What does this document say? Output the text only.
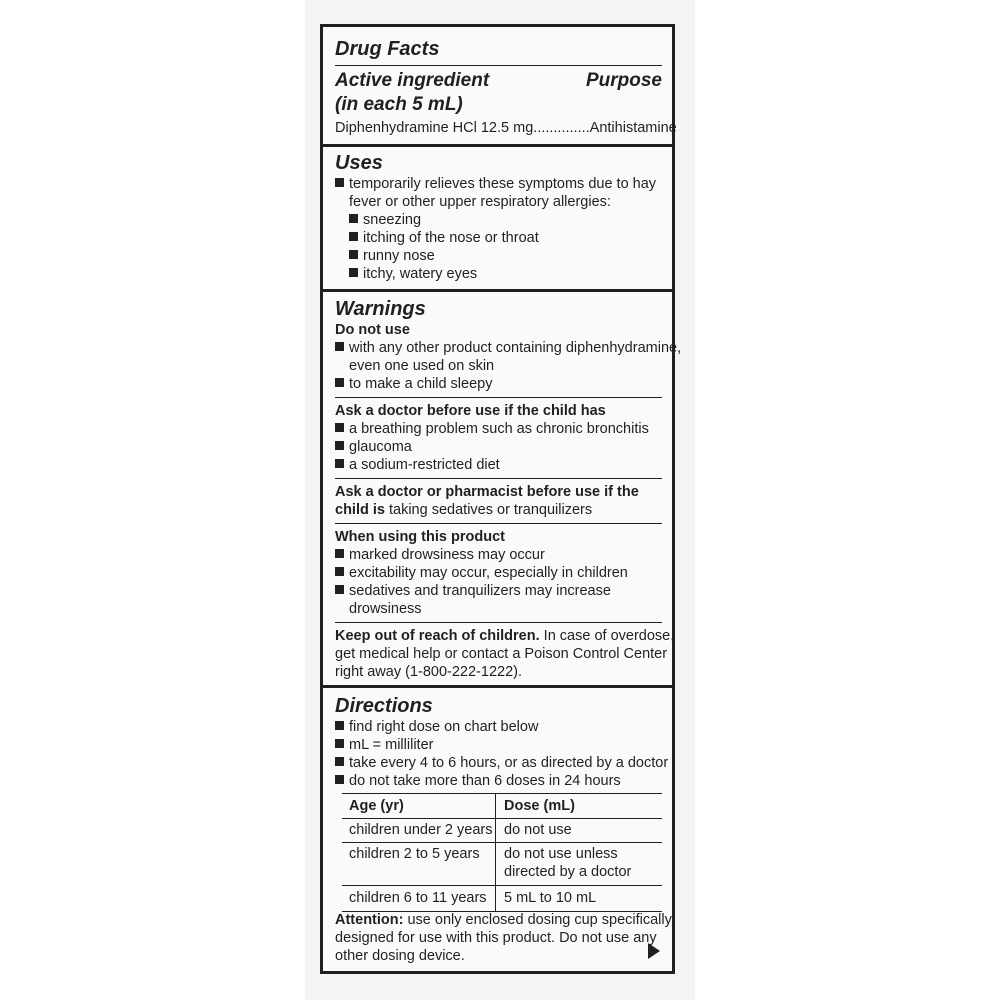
Drug Facts
Active ingredient	Purpose
(in each 5 mL)
Diphenhydramine HCl 12.5 mg..............Antihistamine
Uses
temporarily relieves these symptoms due to hay
fever or other upper respiratory allergies:
sneezing
itching of the nose or throat
runny nose
itchy, watery eyes
Warnings
Do not use
with any other product containing diphenhydramine,
even one used on skin
to make a child sleepy
Ask a doctor before use if the child has
a breathing problem such as chronic bronchitis
glaucoma
a sodium-restricted diet
Ask a doctor or pharmacist before use if the
child is taking sedatives or tranquilizers
When using this product
marked drowsiness may occur
excitability may occur, especially in children
sedatives and tranquilizers may increase
drowsiness
Keep out of reach of children. In case of overdose,
get medical help or contact a Poison Control Center
right away (1-800-222-1222).
Directions
find right dose on chart below
mL = milliliter
take every 4 to 6 hours, or as directed by a doctor
do not take more than 6 doses in 24 hours
Age (yr)	Dose (mL)
children under 2 years do not use
children 2 to 5 years do not use unless
directed by a doctor
children 6 to 11 years 5 mL to 10 mL
Attention: use only enclosed dosing cup specifically
designed for use with this product. Do not use any
other dosing device.
